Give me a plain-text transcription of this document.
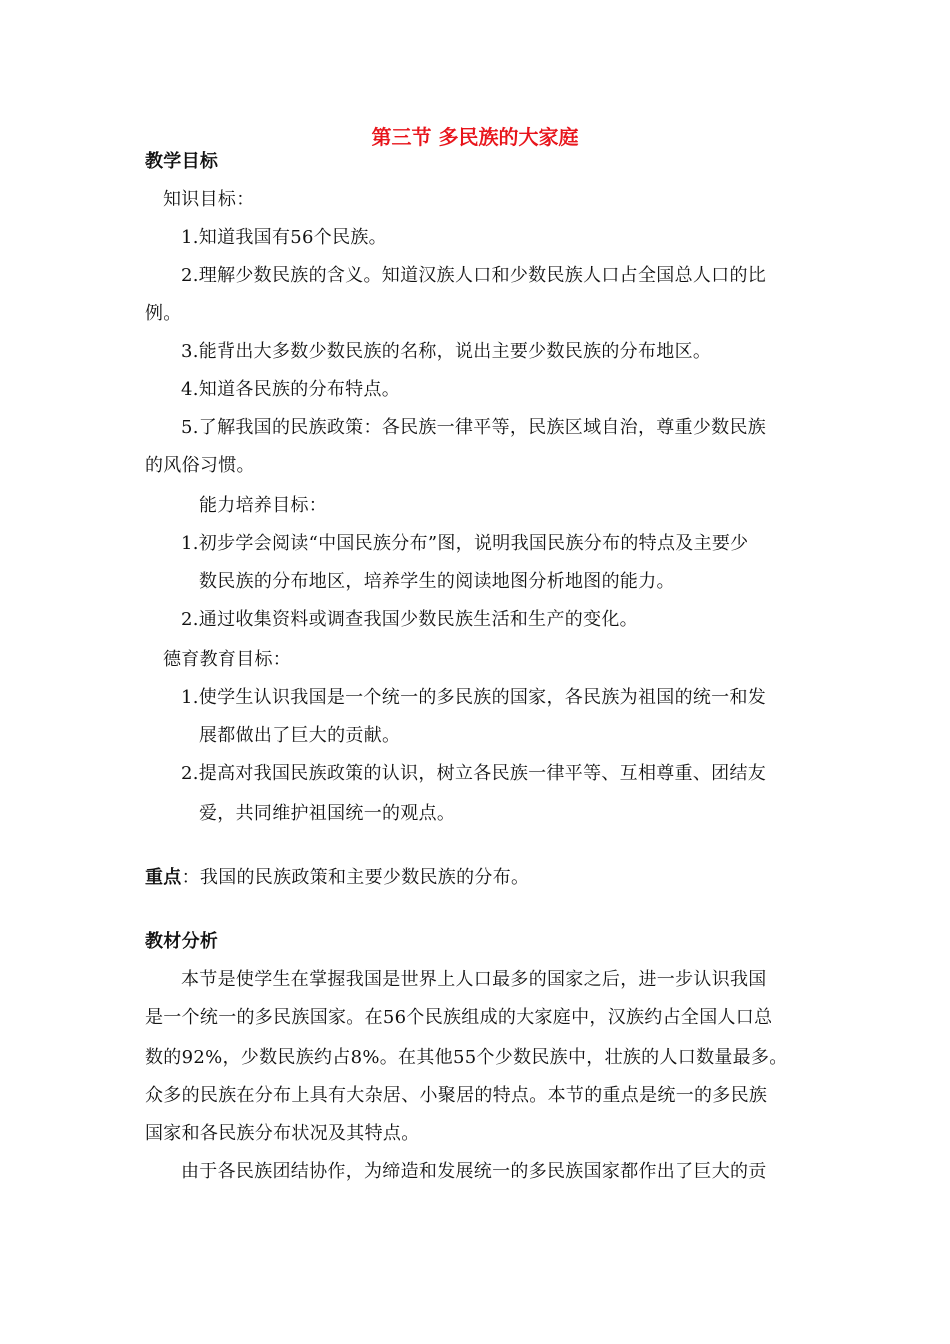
第三节 多民族的大家庭
教学目标
知识目标：
1.知道我国有56个民族。
2.理解少数民族的含义。知道汉族人口和少数民族人口占全国总人口的比
例。
3.能背出大多数少数民族的名称，说出主要少数民族的分布地区。
4.知道各民族的分布特点。
5.了解我国的民族政策：各民族一律平等，民族区域自治，尊重少数民族
的风俗习惯。
能力培养目标：
1.初步学会阅读“中国民族分布”图，说明我国民族分布的特点及主要少
数民族的分布地区，培养学生的阅读地图分析地图的能力。
2.通过收集资料或调查我国少数民族生活和生产的变化。
德育教育目标：
1.使学生认识我国是一个统一的多民族的国家，各民族为祖国的统一和发
展都做出了巨大的贡献。
2.提高对我国民族政策的认识，树立各民族一律平等、互相尊重、团结友
爱，共同维护祖国统一的观点。
重点：我国的民族政策和主要少数民族的分布。
教材分析
本节是使学生在掌握我国是世界上人口最多的国家之后，进一步认识我国
是一个统一的多民族国家。在56个民族组成的大家庭中，汉族约占全国人口总
数的92%，少数民族约占8%。在其他55个少数民族中，壮族的人口数量最多。
众多的民族在分布上具有大杂居、小聚居的特点。本节的重点是统一的多民族
国家和各民族分布状况及其特点。
由于各民族团结协作，为缔造和发展统一的多民族国家都作出了巨大的贡
